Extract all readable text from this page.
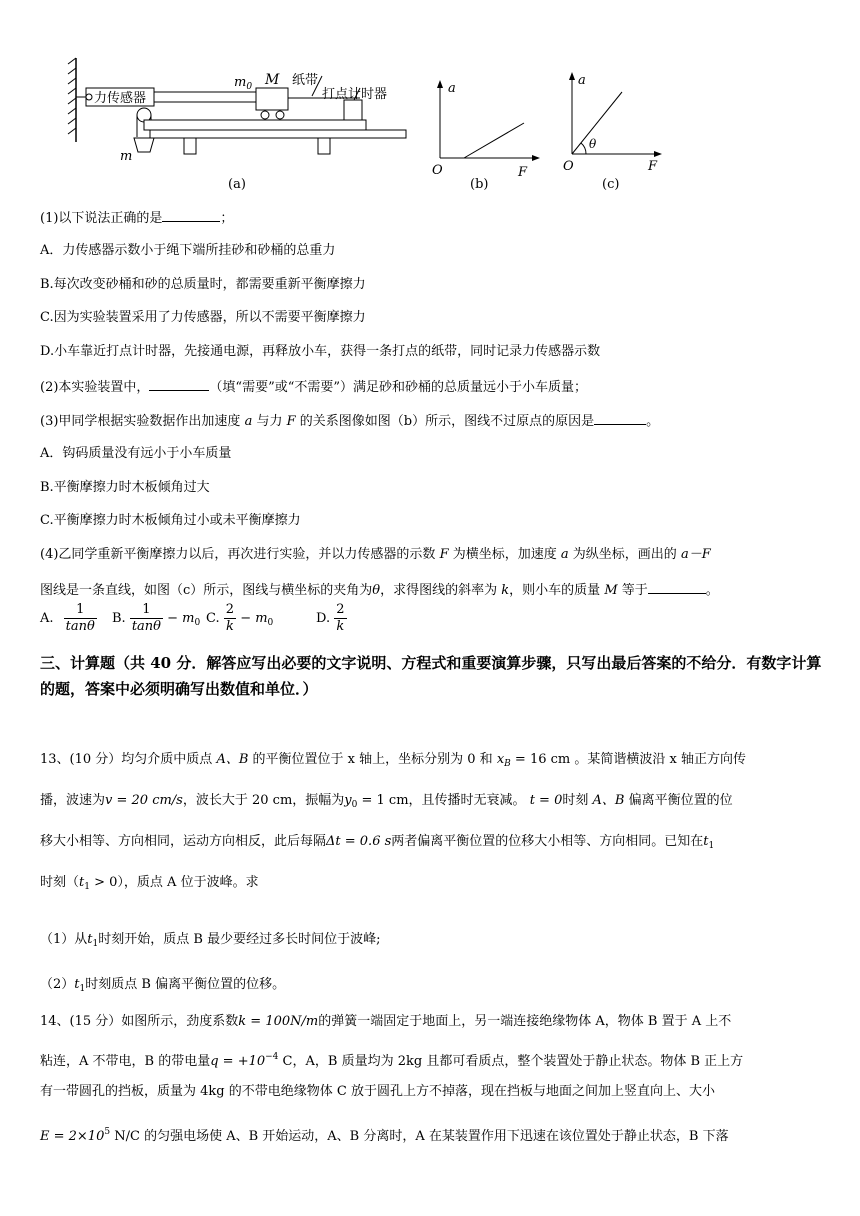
力传感器
m
$m_0$ M 纸带
打点计时器
(a)
a
O	F
(b)
θ
a
O	F
(c)
(1)以下说法正确的是	；
A．力传感器示数小于绳下端所挂砂和砂桶的总重力
B.每次改变砂桶和砂的总质量时，都需要重新平衡摩擦力
C.因为实验装置采用了力传感器，所以不需要平衡摩擦力
D.小车靠近打点计时器，先接通电源，再释放小车，获得一条打点的纸带，同时记录力传感器示数
(2)本实验装置中，	（填“需要”或“不需要”）满足砂和砂桶的总质量远小于小车质量；
(3)甲同学根据实验数据作出加速度 a 与力 F 的关系图像如图（b）所示，图线不过原点的原因是	。
A．钩码质量没有远小于小车质量
B.平衡摩擦力时木板倾角过大
C.平衡摩擦力时木板倾角过小或未平衡摩擦力
(4)乙同学重新平衡摩擦力以后，再次进行实验，并以力传感器的示数 F 为横坐标，加速度 a 为纵坐标，画出的 a－F
图线是一条直线，如图（c）所示，图线与横坐标的夹角为θ，求得图线的斜率为 k，则小车的质量 M 等于	。
A. $\frac{1}{\tan\theta} B$. $\frac{1}{\tan\theta} - m_0$ C. $\frac{2}{k} - m_0$	D. $\frac{2}{k}$
三、计算题（共 40 分．解答应写出必要的文字说明、方程式和重要演算步骤，只写出最后答案的不给分．有数字计算的题，答案中必须明确写出数值和单位．）
13、(10 分）均匀介质中质点 A、B 的平衡位置位于 x 轴上，坐标分别为 0 和 $x_B = 16$ cm 。某简谐横波沿 x 轴正方向传
播，波速为v = 20 cm/s，波长大于 20 cm，振幅为$y_0 = 1$ cm，且传播时无衰减。 t = 0时刻 A、B 偏离平衡位置的位
移大小相等、方向相同，运动方向相反，此后每隔Δt = 0.6 s两者偏离平衡位置的位移大小相等、方向相同。已知在$t_1$
时刻$(t_1 > 0)$，质点 A 位于波峰。求
（1）从$t_1$时刻开始，质点 B 最少要经过多长时间位于波峰;
$(2)t_1$时刻质点 B 偏离平衡位置的位移。
14、(15 分）如图所示，劲度系数k = 100N/m的弹簧一端固定于地面上，另一端连接绝缘物体 A，物体 B 置于 A 上不
粘连，A 不带电，B 的带电量$q = +10^{-4}$ C，A，B 质量均为 2kg 且都可看质点，整个装置处于静止状态。物体 B 正上方
有一带圆孔的挡板，质量为 4kg 的不带电绝缘物体 C 放于圆孔上方不掉落，现在挡板与地面之间加上竖直向上、大小
$E = 2\times 10^5$ N/C 的匀强电场使 A、B 开始运动，A、B 分离时，A 在某装置作用下迅速在该位置处于静止状态，B 下落
